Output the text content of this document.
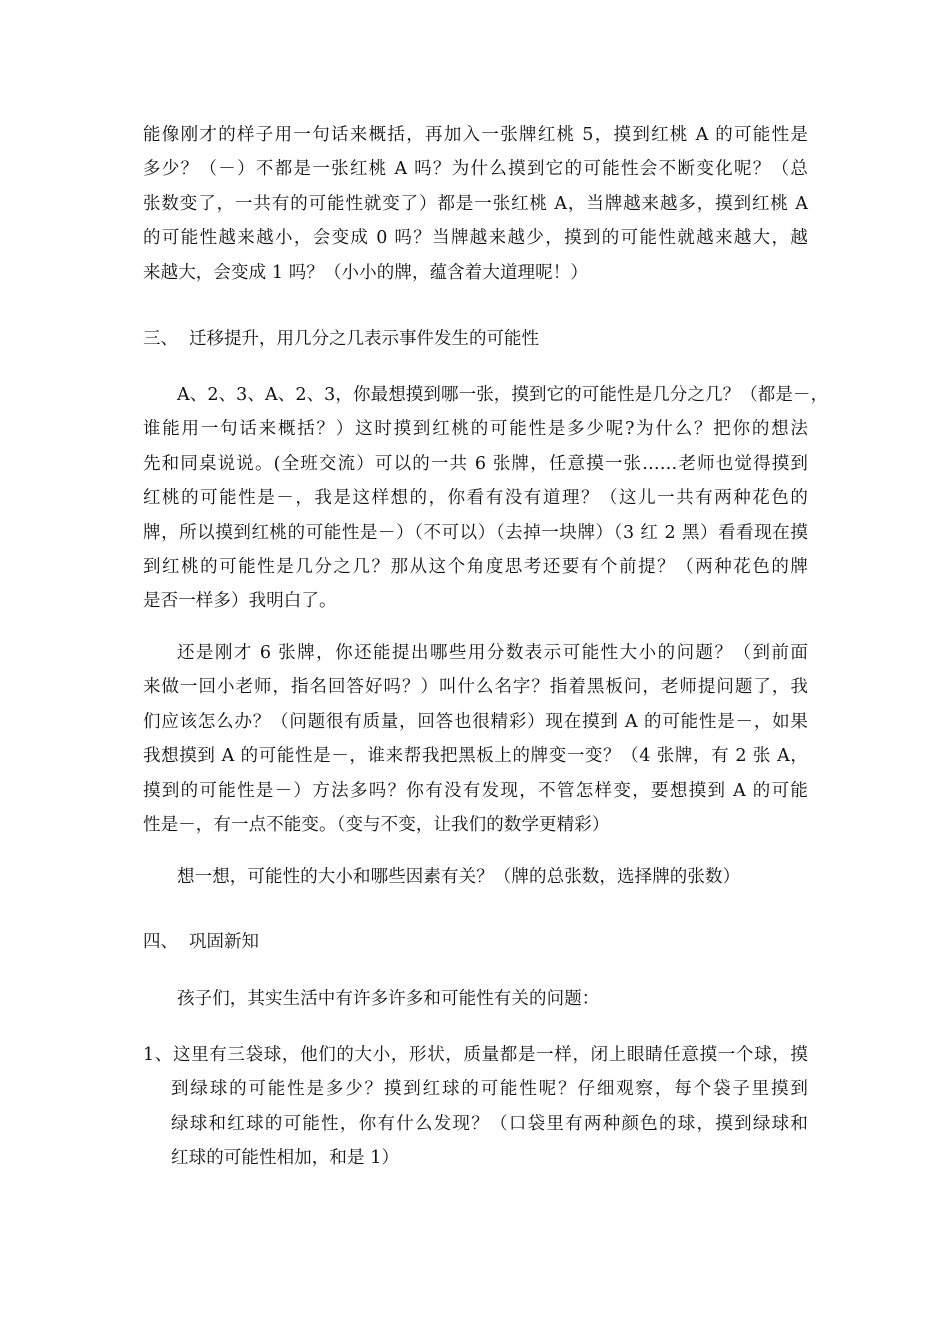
能像刚才的样子用一句话来概括，再加入一张牌红桃 5，摸到红桃 A 的可能性是
多少？（－）不都是一张红桃 A 吗？为什么摸到它的可能性会不断变化呢？（总
张数变了，一共有的可能性就变了）都是一张红桃 A，当牌越来越多，摸到红桃 A
的可能性越来越小，会变成 0 吗？当牌越来越少，摸到的可能性就越来越大，越
来越大，会变成 1 吗？（小小的牌，蕴含着大道理呢！）
三、 迁移提升，用几分之几表示事件发生的可能性
A、2、3、A、2、3，你最想摸到哪一张，摸到它的可能性是几分之几？（都是－，
谁能用一句话来概括？）这时摸到红桃的可能性是多少呢?为什么？把你的想法
先和同桌说说。(全班交流）可以的一共 6 张牌，任意摸一张……老师也觉得摸到
红桃的可能性是－，我是这样想的，你看有没有道理？（这儿一共有两种花色的
牌，所以摸到红桃的可能性是－）（不可以）（去掉一块牌）（3 红 2 黑）看看现在摸
到红桃的可能性是几分之几？那从这个角度思考还要有个前提？（两种花色的牌
是否一样多）我明白了。
还是刚才 6 张牌，你还能提出哪些用分数表示可能性大小的问题？（到前面
来做一回小老师，指名回答好吗？）叫什么名字？指着黑板问，老师提问题了，我
们应该怎么办？（问题很有质量，回答也很精彩）现在摸到 A 的可能性是－，如果
我想摸到 A 的可能性是－，谁来帮我把黑板上的牌变一变？（4 张牌，有 2 张 A，
摸到的可能性是－）方法多吗？你有没有发现，不管怎样变，要想摸到 A 的可能
性是－，有一点不能变。（变与不变，让我们的数学更精彩）
想一想，可能性的大小和哪些因素有关？（牌的总张数，选择牌的张数）
四、 巩固新知
孩子们，其实生活中有许多许多和可能性有关的问题：
1、这里有三袋球，他们的大小，形状，质量都是一样，闭上眼睛任意摸一个球，摸
到绿球的可能性是多少？摸到红球的可能性呢？仔细观察，每个袋子里摸到
绿球和红球的可能性，你有什么发现？（口袋里有两种颜色的球，摸到绿球和
红球的可能性相加，和是 1）
